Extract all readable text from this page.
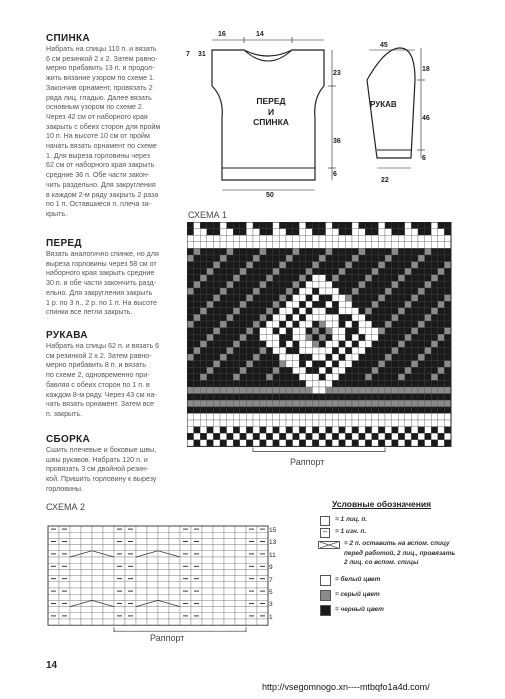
СПИНКА
Набрать на спицы 110 п. и вязать
6 см резинкой 2 х 2. Затем равно-
мерно прибавить 13 п. и продол-
жить вязание узором по схеме 1.
Закончив орнамент, провязать 2
ряда лиц. гладью. Далее вязать
основным узором по схеме 2.
Через 42 см от наборного края
закрыть с обеих сторон для пройм
10 п. На высоте 10 см от пройм
начать вязать орнамент по схеме
1. Для выреза горловины через
62 см от наборного края закрыть
средние 36 п. Обе части закон-
чить раздельно. Для закругления
в каждом 2-м ряду закрыть 2 раза
по 1 п. Оставшиеся п. плеча за-
крыть.
ПЕРЕД
Вязать аналогично спинке, но для
выреза горловины через 58 см от
наборного края закрыть средние
30 п. и обе части закончить разд-
ельно. Для закругления закрыть
1 р. по 3 п., 2 р. по 1 п. На высоте
спинки все петли закрыть.
РУКАВА
Набрать на спицы 62 п. и вязать 6
см резинкой 2 х 2. Затем равно-
мерно прибавить 8 п. и вязать
по схеме 2, одновременно при-
бавляя с обеих сторон по 1 п. в
каждом 8-м ряду. Через 43 см на-
чать вязать орнамент. Затем все
п. закрыть.
СБОРКА
Сшить плечевые и боковые швы,
швы рукавов. Набрать 120 п. и
провязать 3 см двойной резин-
кой. Пришить горловину к вырезу
горловины.
16	14
7 31
23
36
6
50
ПЕРЕД
И
СПИНКА
45
18
46
6
22
РУКАВ
СХЕМА 1
Раппорт
СХЕМА 2
15
13
11
9
7
5
3
1
Раппорт
Условные обозначения
= 1 лиц. п.
–	= 1 изн. п.
= 2 п. оставить на вспом. спицу
перед работой, 2 лиц., провязать
2 лиц. со вспом. спицы
= белый цвет
= серый цвет
= черный цвет
14
http://vsegomnogo.xn----mtbqfo1a4d.com/
